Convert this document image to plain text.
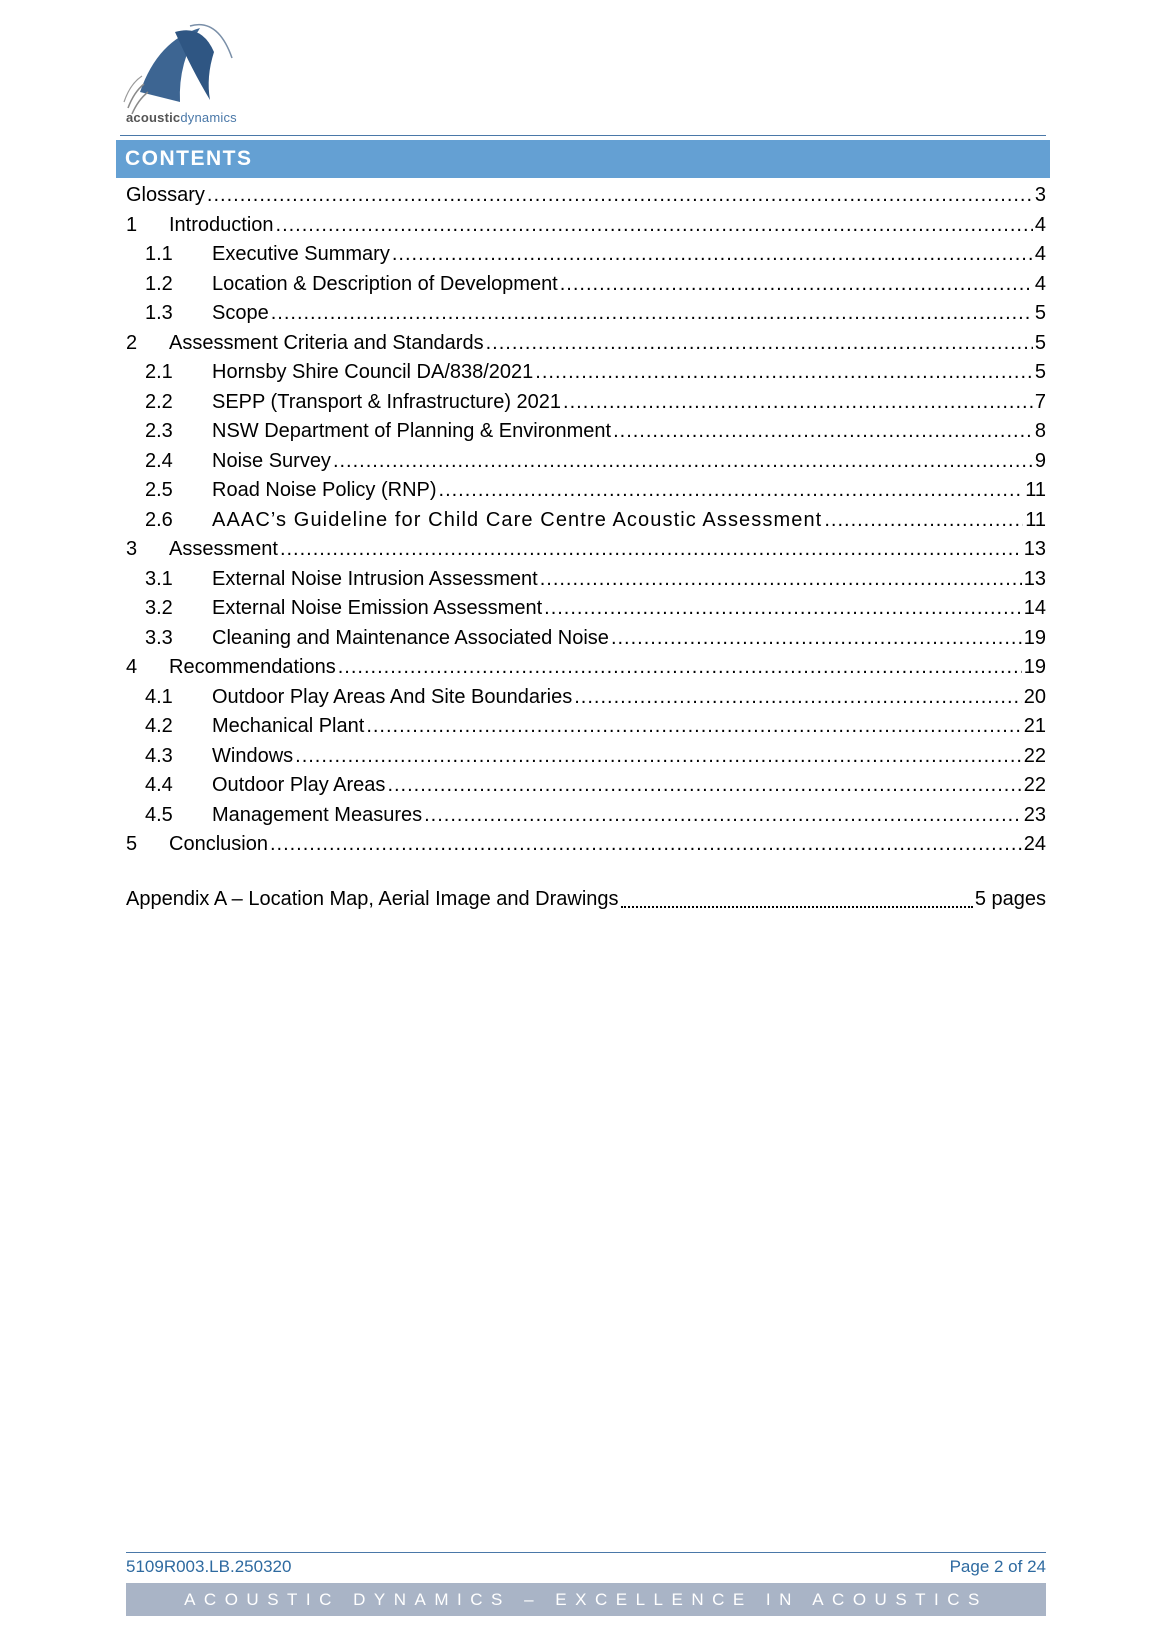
acousticdynamics
CONTENTS
Glossary .....	3
1	Introduction .....	4
1.1	Executive Summary .....	4
1.2	Location & Description of Development .....	4
1.3	Scope .....	5
2	Assessment Criteria and Standards .....	5
2.1	Hornsby Shire Council DA/838/2021 .....	5
2.2	SEPP (Transport & Infrastructure) 2021 .....	7
2.3	NSW Department of Planning & Environment .....	8
2.4	Noise Survey .....	9
2.5	Road Noise Policy (RNP) .....	11
2.6	AAAC’s Guideline for Child Care Centre Acoustic Assessment .....	11
3	Assessment .....	13
3.1	External Noise Intrusion Assessment .....	13
3.2	External Noise Emission Assessment .....	14
3.3	Cleaning and Maintenance Associated Noise .....	19
4	Recommendations .....	19
4.1	Outdoor Play Areas And Site Boundaries .....	20
4.2	Mechanical Plant .....	21
4.3	Windows .....	22
4.4	Outdoor Play Areas .....	22
4.5	Management Measures .....	23
5	Conclusion .....	24
Appendix A – Location Map, Aerial Image and Drawings	5 pages
5109R003.LB.250320	Page 2 of 24
ACOUSTIC DYNAMICS – EXCELLENCE IN ACOUSTICS
